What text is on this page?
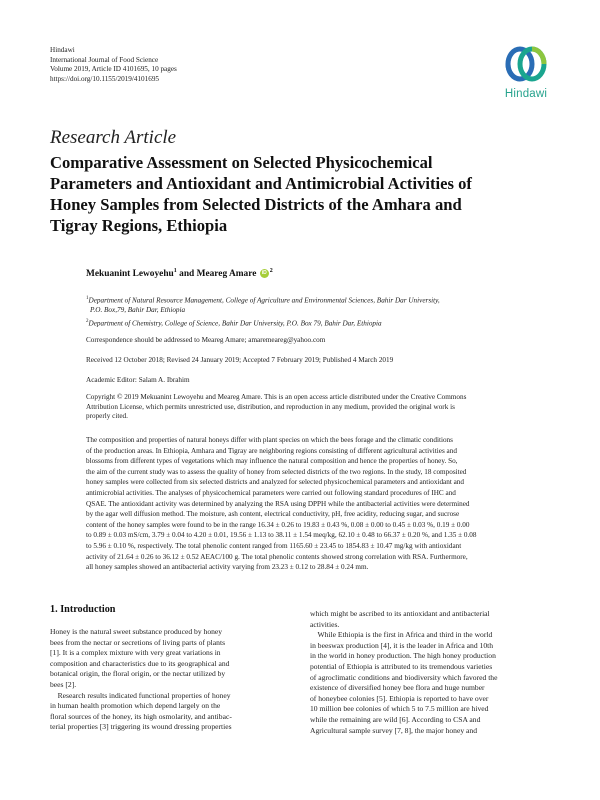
Hindawi
International Journal of Food Science
Volume 2019, Article ID 4101695, 10 pages
https://doi.org/10.1155/2019/4101695
Hindawi
Research Article
Comparative Assessment on Selected Physicochemical
Parameters and Antioxidant and Antimicrobial Activities of
Honey Samples from Selected Districts of the Amhara and
Tigray Regions, Ethiopia
Mekuanint Lewoyehu$^1$ and Meareg Amare iD $^2$
$^1$Department of Natural Resource Management, College of Agriculture and Environmental Sciences, Bahir Dar University,
P.O. Box,79, Bahir Dar, Ethiopia
$^2$Department of Chemistry, College of Science, Bahir Dar University, P.O. Box 79, Bahir Dar, Ethiopia
Correspondence should be addressed to Meareg Amare; amaremeareg@yahoo.com
Received 12 October 2018; Revised 24 January 2019; Accepted 7 February 2019; Published 4 March 2019
Academic Editor: Salam A. Ibrahim
Copyright © 2019 Mekuanint Lewoyehu and Meareg Amare. This is an open access article distributed under the Creative Commons
Attribution License, which permits unrestricted use, distribution, and reproduction in any medium, provided the original work is
properly cited.
The composition and properties of natural honeys differ with plant species on which the bees forage and the climatic conditions
of the production areas. In Ethiopia, Amhara and Tigray are neighboring regions consisting of different agricultural activities and
blossoms from different types of vegetations which may influence the natural composition and hence the properties of honey. So,
the aim of the current study was to assess the quality of honey from selected districts of the two regions. In the study, 18 composited
honey samples were collected from six selected districts and analyzed for selected physicochemical parameters and antioxidant and
antimicrobial activities. The analyses of physicochemical parameters were carried out following standard procedures of IHC and
QSAE. The antioxidant activity was determined by analyzing the RSA using DPPH while the antibacterial activities were determined
by the agar well diffusion method. The moisture, ash content, electrical conductivity, pH, free acidity, reducing sugar, and sucrose
content of the honey samples were found to be in the range 16.34 ± 0.26 to 19.83 ± 0.43 %, 0.08 ± 0.00 to 0.45 ± 0.03 %, 0.19 ± 0.00
to 0.89 ± 0.03 mS/cm, 3.79 ± 0.04 to 4.20 ± 0.01, 19.56 ± 1.13 to 38.11 ± 1.54 meq/kg, 62.10 ± 0.48 to 66.37 ± 0.20 %, and 1.35 ± 0.08
to 5.96 ± 0.10 %, respectively. The total phenolic content ranged from 1165.60 ± 23.45 to 1854.83 ± 10.47 mg/kg with antioxidant
activity of 21.64 ± 0.26 to 36.12 ± 0.52 AEAC/100 g. The total phenolic contents showed strong correlation with RSA. Furthermore,
all honey samples showed an antibacterial activity varying from 23.23 ± 0.12 to 28.84 ± 0.24 mm.
1. Introduction
Honey is the natural sweet substance produced by honey
bees from the nectar or secretions of living parts of plants
[1]. It is a complex mixture with very great variations in
composition and characteristics due to its geographical and
botanical origin, the floral origin, or the nectar utilized by
bees [2].
Research results indicated functional properties of honey
in human health promotion which depend largely on the
floral sources of the honey, its high osmolarity, and antibac-
terial properties [3] triggering its wound dressing properties
which might be ascribed to its antioxidant and antibacterial
activities.
While Ethiopia is the first in Africa and third in the world
in beeswax production [4], it is the leader in Africa and 10th
in the world in honey production. The high honey production
potential of Ethiopia is attributed to its tremendous varieties
of agroclimatic conditions and biodiversity which favored the
existence of diversified honey bee flora and huge number
of honeybee colonies [5]. Ethiopia is reported to have over
10 million bee colonies of which 5 to 7.5 million are hived
while the remaining are wild [6]. According to CSA and
Agricultural sample survey [7, 8], the major honey and
